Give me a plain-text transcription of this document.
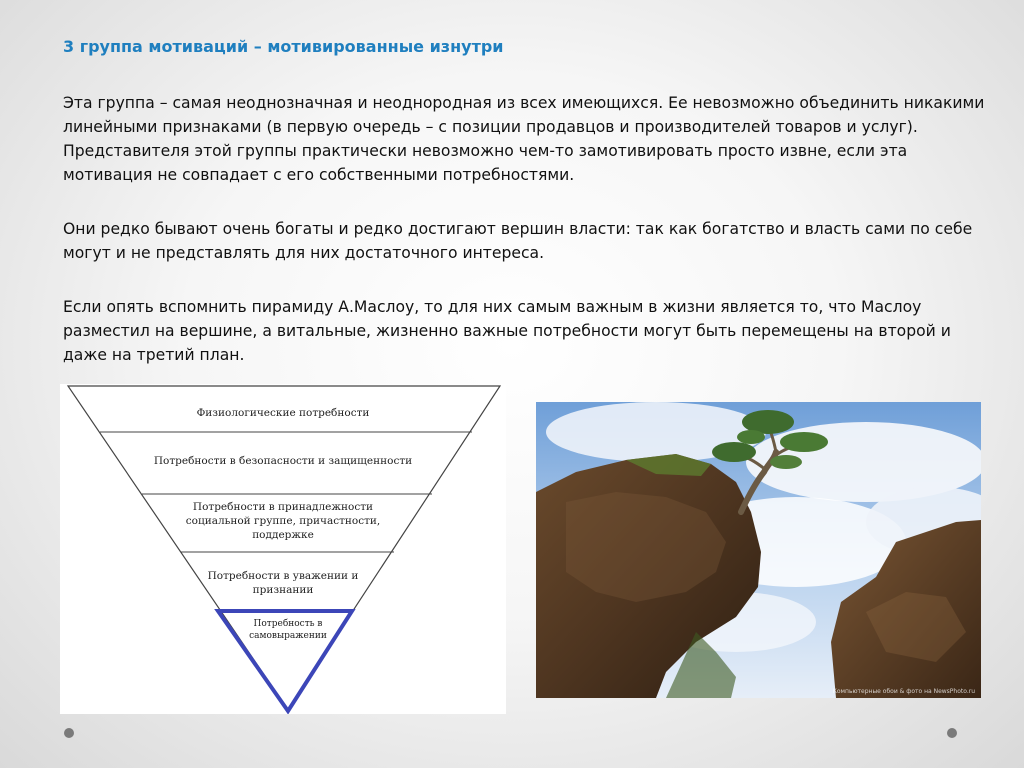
3 группа мотиваций – мотивированные изнутри

Эта группа – самая неоднозначная и неоднородная из всех имеющихся. Ее невозможно объединить никакими линейными признаками (в первую очередь – с позиции продавцов и производителей товаров и услуг). Представителя этой группы практически невозможно чем-то замотивировать просто извне, если эта мотивация не совпадает с его собственными потребностями.

Они редко бывают очень богаты и редко достигают вершин власти: так как богатство и власть сами по себе могут и не представлять для них достаточного интереса.

Если опять вспомнить пирамиду А.Маслоу, то для них самым важным в жизни является то, что Маслоу разместил на вершине, а витальные, жизненно важные потребности могут быть перемещены на второй и даже на третий план.

Физиологические потребности
Потребности в безопасности и защищенности
Потребности в принадлежности социальной группе, причастности, поддержке
Потребности в уважении и признании
Потребность в самовыражении
Компьютерные обои & фото на NewsPhoto.ru
